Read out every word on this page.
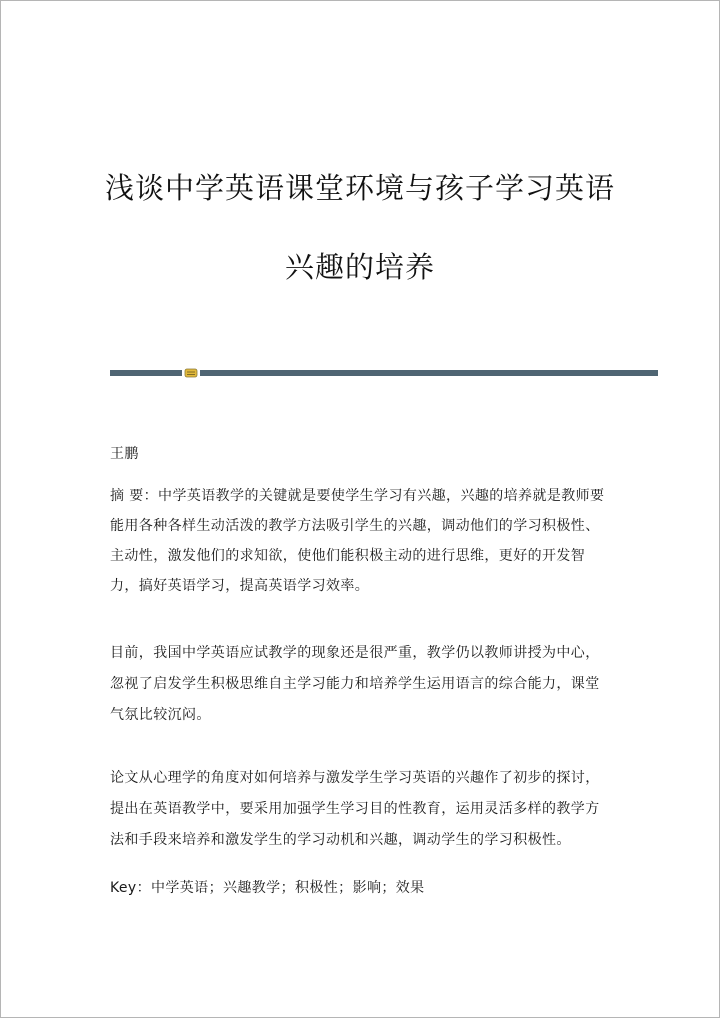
浅谈中学英语课堂环境与孩子学习英语
兴趣的培养
王鹏
摘 要：中学英语教学的关键就是要使学生学习有兴趣，兴趣的培养就是教师要
能用各种各样生动活泼的教学方法吸引学生的兴趣，调动他们的学习积极性、
主动性，激发他们的求知欲，使他们能积极主动的进行思维，更好的开发智
力，搞好英语学习，提高英语学习效率。
目前，我国中学英语应试教学的现象还是很严重，教学仍以教师讲授为中心，
忽视了启发学生积极思维自主学习能力和培养学生运用语言的综合能力，课堂
气氛比较沉闷。
论文从心理学的角度对如何培养与激发学生学习英语的兴趣作了初步的探讨，
提出在英语教学中，要采用加强学生学习目的性教育，运用灵活多样的教学方
法和手段来培养和激发学生的学习动机和兴趣，调动学生的学习积极性。
Key：中学英语；兴趣教学；积极性；影响；效果
